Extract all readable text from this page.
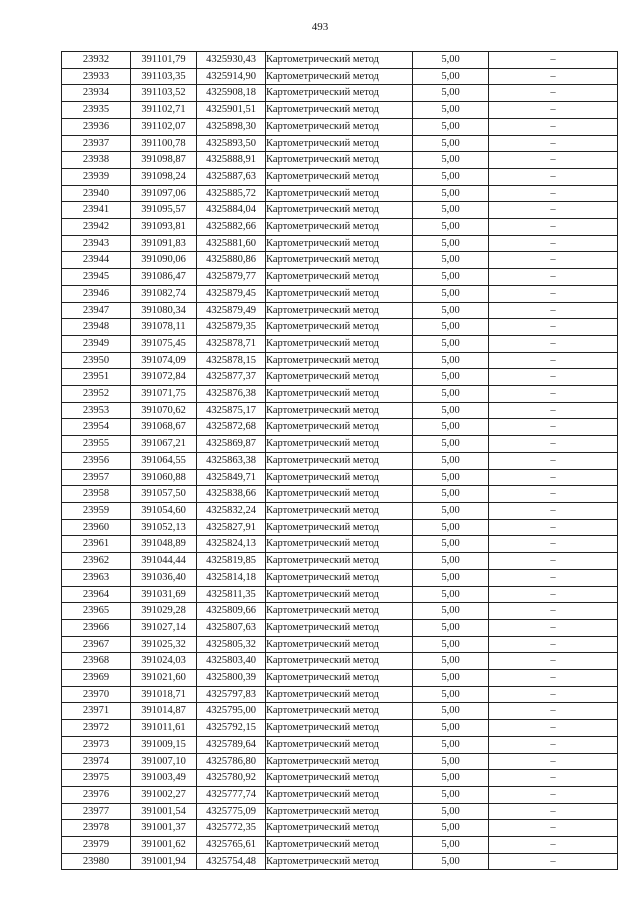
493
23932	391101,79	4325930,43	Картометрический метод	5,00	–
23933	391103,35	4325914,90	Картометрический метод	5,00	–
23934	391103,52	4325908,18	Картометрический метод	5,00	–
23935	391102,71	4325901,51	Картометрический метод	5,00	–
23936	391102,07	4325898,30	Картометрический метод	5,00	–
23937	391100,78	4325893,50	Картометрический метод	5,00	–
23938	391098,87	4325888,91	Картометрический метод	5,00	–
23939	391098,24	4325887,63	Картометрический метод	5,00	–
23940	391097,06	4325885,72	Картометрический метод	5,00	–
23941	391095,57	4325884,04	Картометрический метод	5,00	–
23942	391093,81	4325882,66	Картометрический метод	5,00	–
23943	391091,83	4325881,60	Картометрический метод	5,00	–
23944	391090,06	4325880,86	Картометрический метод	5,00	–
23945	391086,47	4325879,77	Картометрический метод	5,00	–
23946	391082,74	4325879,45	Картометрический метод	5,00	–
23947	391080,34	4325879,49	Картометрический метод	5,00	–
23948	391078,11	4325879,35	Картометрический метод	5,00	–
23949	391075,45	4325878,71	Картометрический метод	5,00	–
23950	391074,09	4325878,15	Картометрический метод	5,00	–
23951	391072,84	4325877,37	Картометрический метод	5,00	–
23952	391071,75	4325876,38	Картометрический метод	5,00	–
23953	391070,62	4325875,17	Картометрический метод	5,00	–
23954	391068,67	4325872,68	Картометрический метод	5,00	–
23955	391067,21	4325869,87	Картометрический метод	5,00	–
23956	391064,55	4325863,38	Картометрический метод	5,00	–
23957	391060,88	4325849,71	Картометрический метод	5,00	–
23958	391057,50	4325838,66	Картометрический метод	5,00	–
23959	391054,60	4325832,24	Картометрический метод	5,00	–
23960	391052,13	4325827,91	Картометрический метод	5,00	–
23961	391048,89	4325824,13	Картометрический метод	5,00	–
23962	391044,44	4325819,85	Картометрический метод	5,00	–
23963	391036,40	4325814,18	Картометрический метод	5,00	–
23964	391031,69	4325811,35	Картометрический метод	5,00	–
23965	391029,28	4325809,66	Картометрический метод	5,00	–
23966	391027,14	4325807,63	Картометрический метод	5,00	–
23967	391025,32	4325805,32	Картометрический метод	5,00	–
23968	391024,03	4325803,40	Картометрический метод	5,00	–
23969	391021,60	4325800,39	Картометрический метод	5,00	–
23970	391018,71	4325797,83	Картометрический метод	5,00	–
23971	391014,87	4325795,00	Картометрический метод	5,00	–
23972	391011,61	4325792,15	Картометрический метод	5,00	–
23973	391009,15	4325789,64	Картометрический метод	5,00	–
23974	391007,10	4325786,80	Картометрический метод	5,00	–
23975	391003,49	4325780,92	Картометрический метод	5,00	–
23976	391002,27	4325777,74	Картометрический метод	5,00	–
23977	391001,54	4325775,09	Картометрический метод	5,00	–
23978	391001,37	4325772,35	Картометрический метод	5,00	–
23979	391001,62	4325765,61	Картометрический метод	5,00	–
23980	391001,94	4325754,48	Картометрический метод	5,00	–
